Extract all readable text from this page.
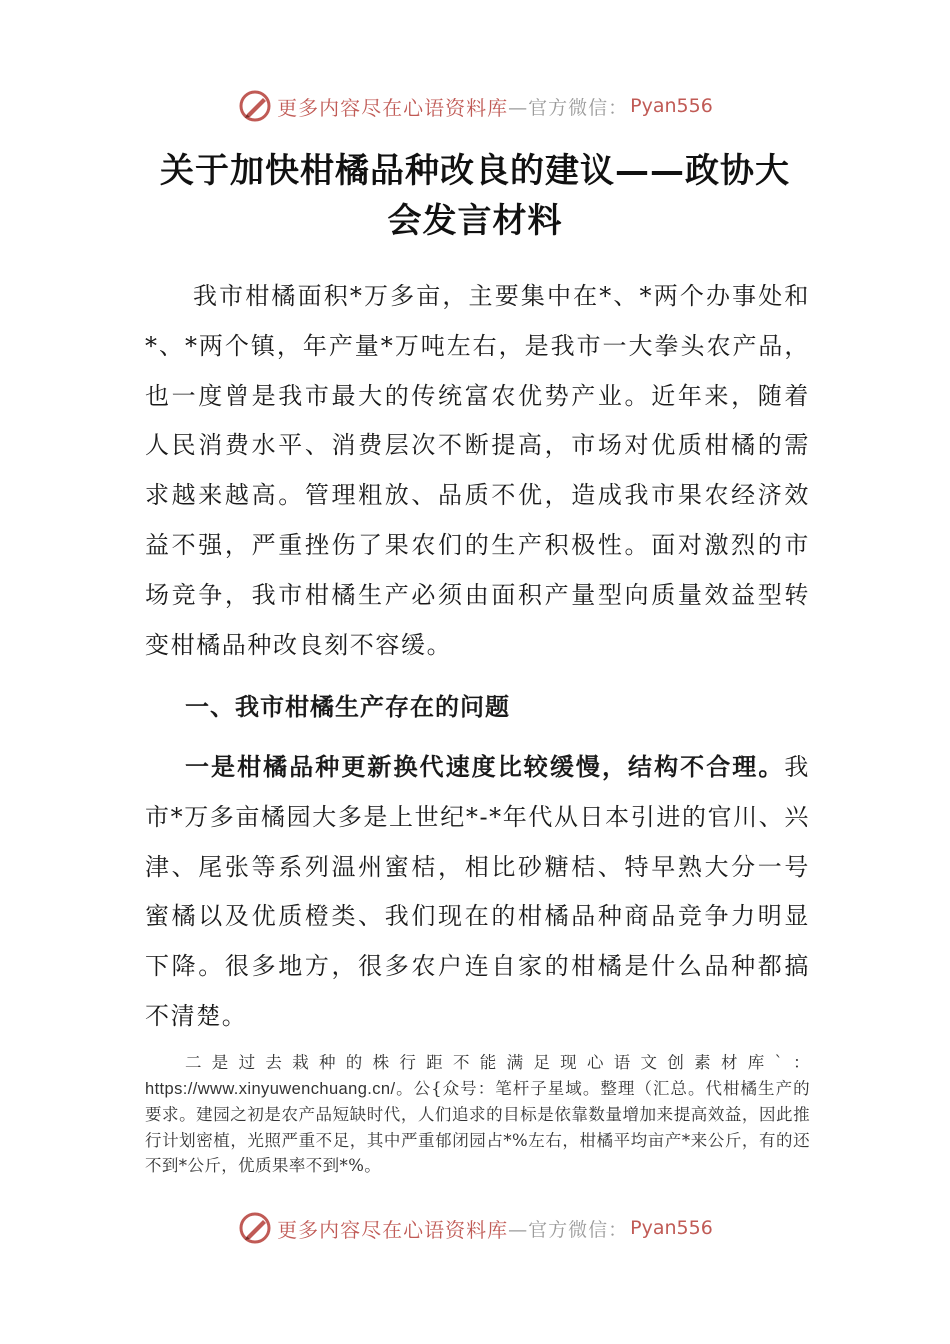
更多内容尽在心语资料库 —官方微信： Pyan556
关于加快柑橘品种改良的建议——政协大
会发言材料

我市柑橘面积*万多亩，主要集中在*、*两个办事处和*、*两个镇，年产量*万吨左右，是我市一大拳头农产品，也一度曾是我市最大的传统富农优势产业。近年来，随着人民消费水平、消费层次不断提高，市场对优质柑橘的需求越来越高。管理粗放、品质不优，造成我市果农经济效益不强，严重挫伤了果农们的生产积极性。面对激烈的市场竞争，我市柑橘生产必须由面积产量型向质量效益型转变柑橘品种改良刻不容缓。

一、我市柑橘生产存在的问题

一是柑橘品种更新换代速度比较缓慢，结构不合理。我市*万多亩橘园大多是上世纪*-*年代从日本引进的官川、兴津、尾张等系列温州蜜桔，相比砂糖桔、特早熟大分一号蜜橘以及优质橙类、我们现在的柑橘品种商品竞争力明显下降。很多地方，很多农户连自家的柑橘是什么品种都搞不清楚。

二是过去栽种的株行距不能满足现心语文创素材库`：https://www.xinyuwenchuang.cn/。公{众号：笔杆子星域。整理（汇总。代柑橘生产的要求。建园之初是农产品短缺时代，人们追求的目标是依靠数量增加来提高效益，因此推行计划密植，光照严重不足，其中严重郁闭园占*%左右，柑橘平均亩产*来公斤，有的还不到*公斤，优质果率不到*%。

更多内容尽在心语资料库 —官方微信： Pyan556
